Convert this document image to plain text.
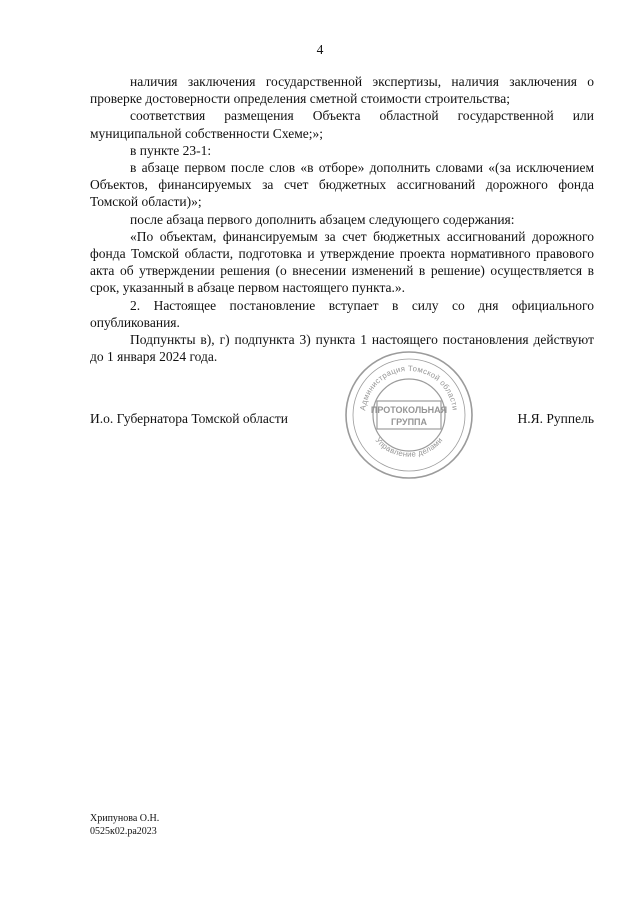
4

наличия заключения государственной экспертизы, наличия заключения о проверке достоверности определения сметной стоимости строительства;

соответствия размещения Объекта областной государственной или муниципальной собственности Схеме;»;

в пункте 23-1:

в абзаце первом после слов «в отборе» дополнить словами «(за исключением Объектов, финансируемых за счет бюджетных ассигнований дорожного фонда Томской области)»;

после абзаца первого дополнить абзацем следующего содержания:

«По объектам, финансируемым за счет бюджетных ассигнований дорожного фонда Томской области, подготовка и утверждение проекта нормативного правового акта об утверждении решения (о внесении изменений в решение) осуществляется в срок, указанный в абзаце первом настоящего пункта.».

2. Настоящее постановление вступает в силу со дня официального опубликования.

Подпункты в), г) подпункта 3) пункта 1 настоящего постановления действуют до 1 января 2024 года.

И.о. Губернатора Томской области	Н.Я. Руппель
Администрация Томской области
Управление делами
ПРОТОКОЛЬНАЯ
ГРУППА
Хрипунова О.Н.
0525к02.ра2023
